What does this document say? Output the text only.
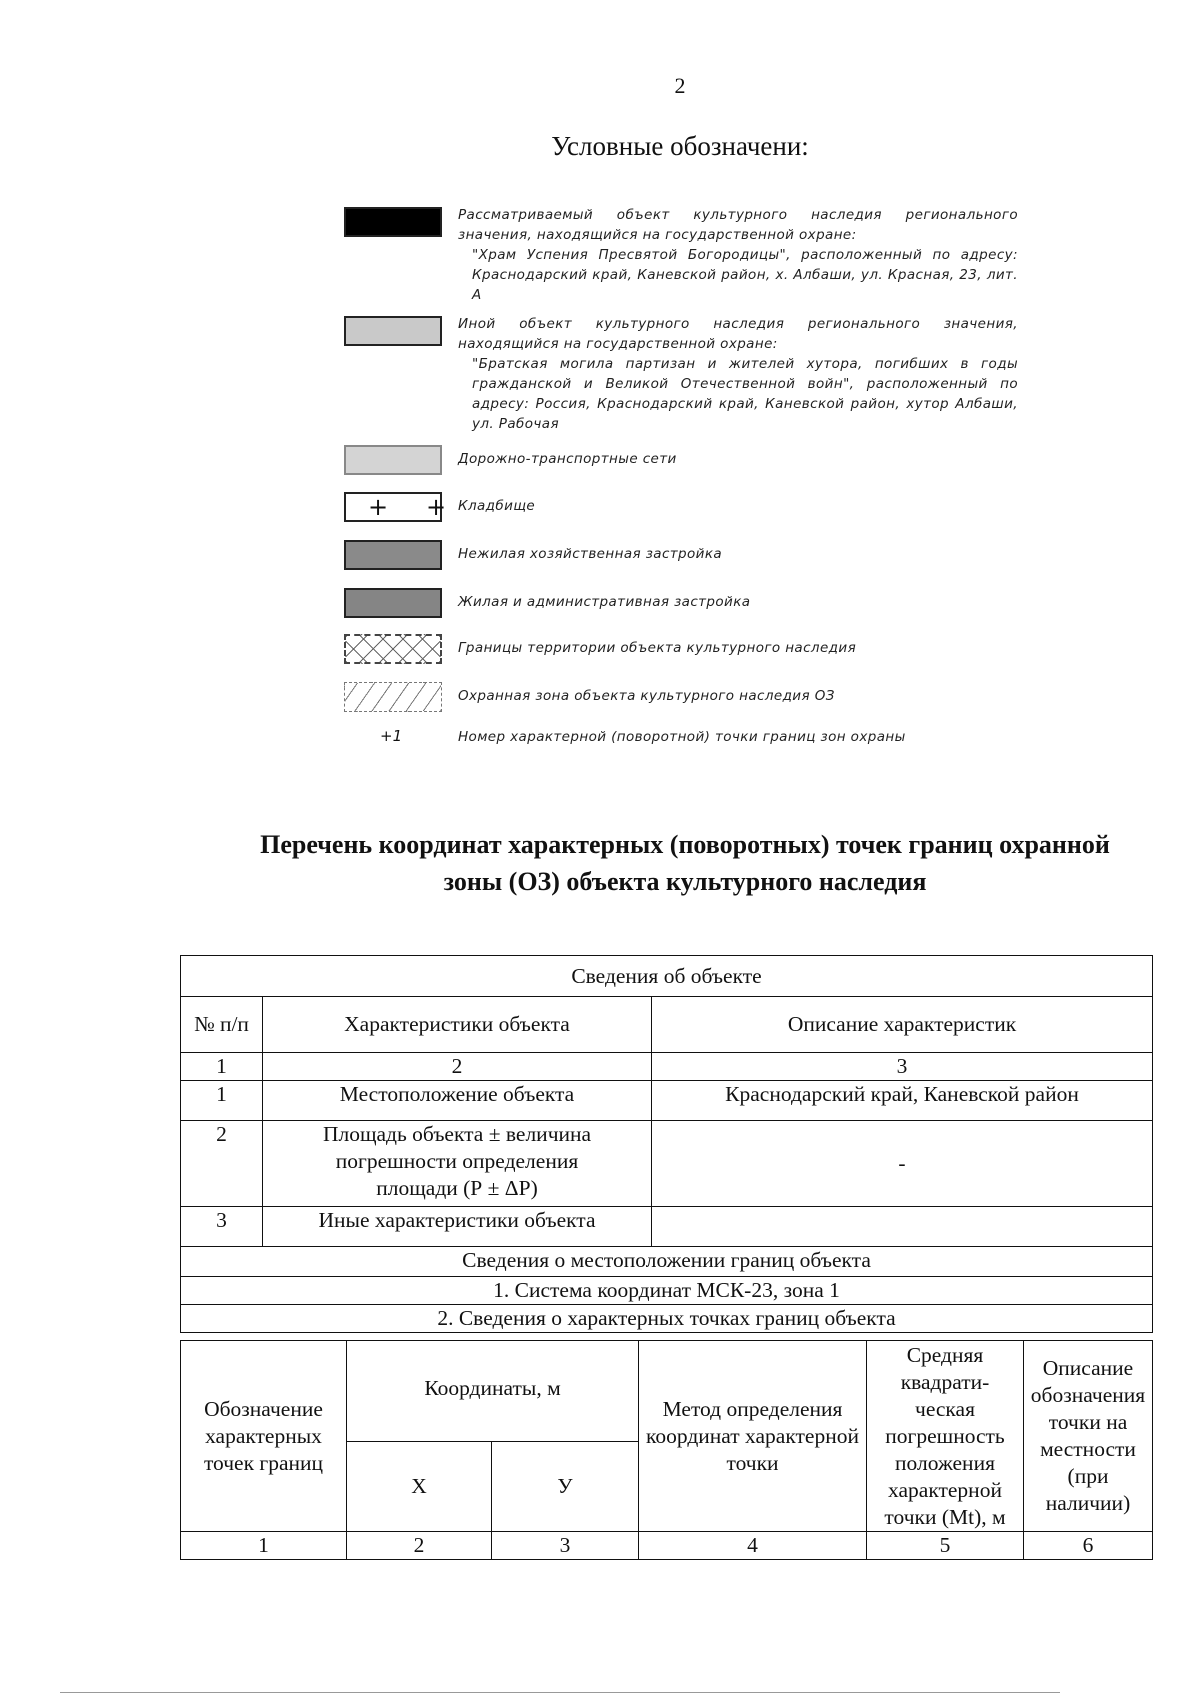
2
Условные обозначени:
Рассматриваемый объект культурного наследия регионального значения, находящийся на государственной охране:
"Храм Успения Пресвятой Богородицы", расположенный по адресу: Краснодарский край, Каневской район, х. Албаши, ул. Красная, 23, лит. А
Иной объект культурного наследия регионального значения, находящийся на государственной охране:
"Братская могила партизан и жителей хутора, погибших в годы гражданской и Великой Отечественной войн", расположенный по адресу: Россия, Краснодарский край, Каневской район, хутор Албаши, ул. Рабочая
Дорожно-транспортные сети
+ + Кладбище
Нежилая хозяйственная застройка
Жилая и административная застройка
Границы территории объекта культурного наследия
Охранная зона объекта культурного наследия ОЗ
+1	Номер характерной (поворотной) точки границ зон охраны
Перечень координат характерных (поворотных) точек границ охранной
зоны (ОЗ) объекта культурного наследия
Сведения об объекте		
№ п/п	Характеристики объекта	Описание характеристик
1	2	3
1	Местоположение объекта	Краснодарский край, Каневской район
2	Площадь объекта ± величина погрешности определения площади (Р ± ΔР)	-
3	Иные характеристики объекта	
Сведения о местоположении границ объекта		
1. Система координат МСК-23, зона 1		
2. Сведения о характерных точках границ объекта		
Обозначение характерных точек границ	Координаты, м		Метод определения координат характерной точки	Средняя квадрати-ческая погрешность положения характерной точки (Mt), м	Описание обозначения точки на местности (при наличии)
	X	У			
1	2	3	4	5	6
